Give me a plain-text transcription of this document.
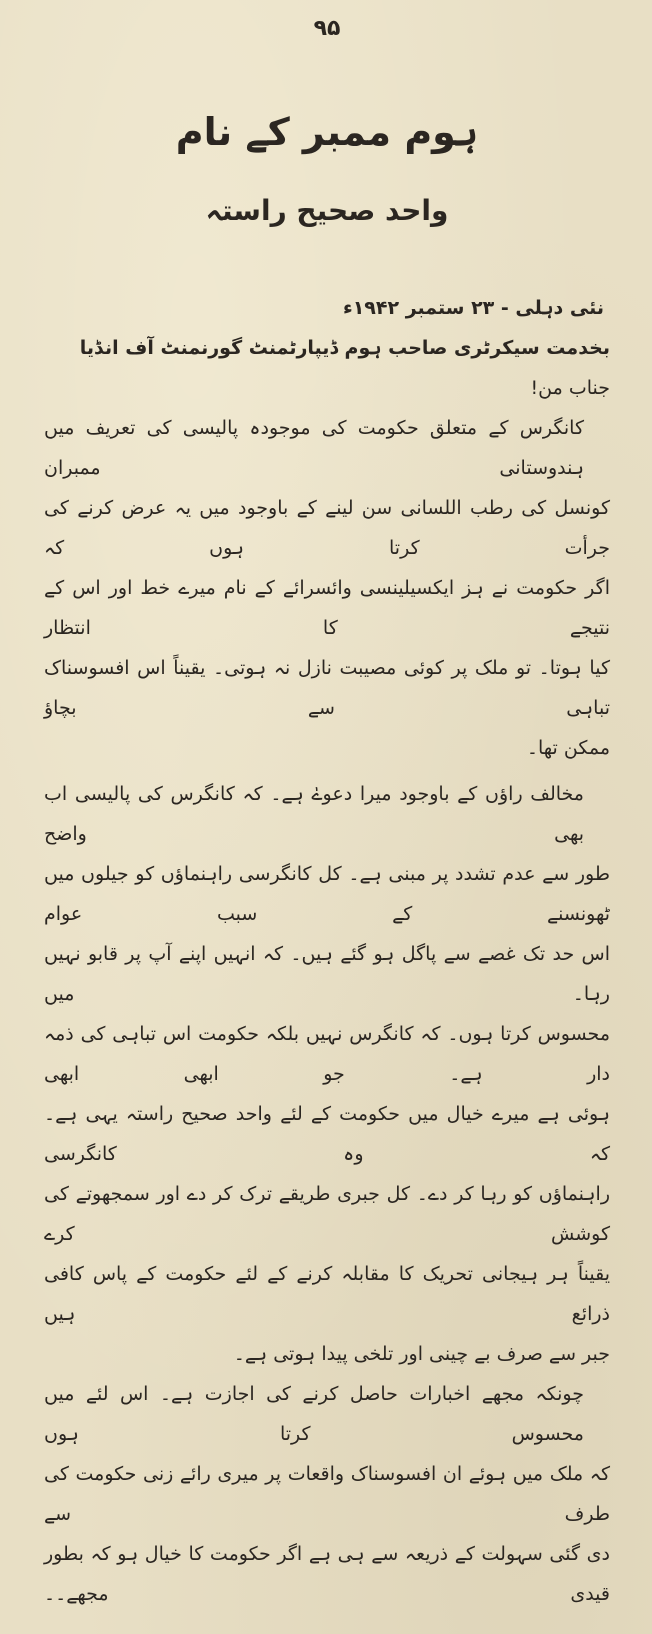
۹۵
ہوم ممبر کے نام
واحد صحیح راستہ
نئی دہلی - ۲۳ ستمبر ۱۹۴۲ء
بخدمت سیکرٹری صاحب ہوم ڈیپارٹمنٹ گورنمنٹ آف انڈیا
جناب من!
کانگرس کے متعلق حکومت کی موجودہ پالیسی کی تعریف میں ہندوستانی ممبران
کونسل کی رطب اللسانی سن لینے کے باوجود میں یہ عرض کرنے کی جرأت کرتا ہوں کہ
اگر حکومت نے ہز ایکسیلینسی وائسرائے کے نام میرے خط اور اس کے نتیجے کا انتظار
کیا ہوتا۔ تو ملک پر کوئی مصیبت نازل نہ ہوتی۔ یقیناً اس افسوسناک تباہی سے بچاؤ
ممکن تھا۔
مخالف راؤں کے باوجود میرا دعوےٰ ہے۔ کہ کانگرس کی پالیسی اب بھی واضح
طور سے عدم تشدد پر مبنی ہے۔ کل کانگرسی راہنماؤں کو جیلوں میں ٹھونسنے کے سبب عوام
اس حد تک غصے سے پاگل ہو گئے ہیں۔ کہ انہیں اپنے آپ پر قابو نہیں رہا۔ میں
محسوس کرتا ہوں۔ کہ کانگرس نہیں بلکہ حکومت اس تباہی کی ذمہ دار ہے۔ جو ابھی ابھی
ہوئی ہے میرے خیال میں حکومت کے لئے واحد صحیح راستہ یہی ہے۔ کہ وہ کانگرسی
راہنماؤں کو رہا کر دے۔ کل جبری طریقے ترک کر دے اور سمجھوتے کی کوشش کرے
یقیناً ہر ہیجانی تحریک کا مقابلہ کرنے کے لئے حکومت کے پاس کافی ذرائع ہیں
جبر سے صرف بے چینی اور تلخی پیدا ہوتی ہے۔
چونکہ مجھے اخبارات حاصل کرنے کی اجازت ہے۔ اس لئے میں محسوس کرتا ہوں
کہ ملک میں ہوئے ان افسوسناک واقعات پر میری رائے زنی حکومت کی طرف سے
دی گئی سہولت کے ذریعہ سے ہی ہے اگر حکومت کا خیال ہو کہ بطور قیدی مجھے۔۔
